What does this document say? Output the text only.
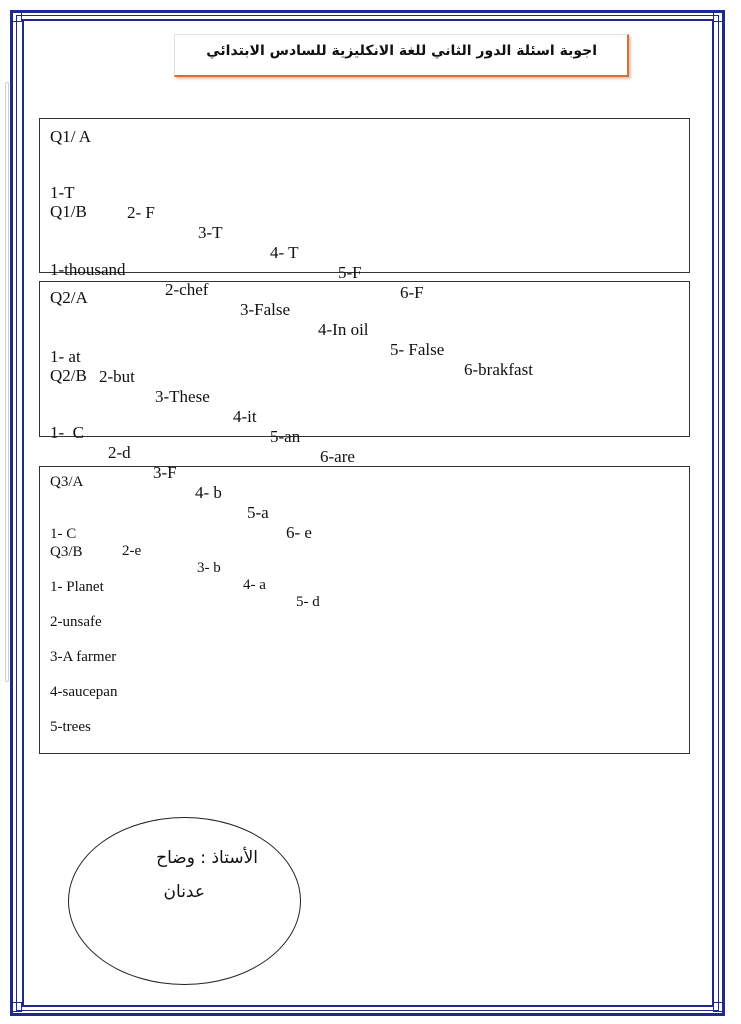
اجوبة اسئلة الدور الثاني للغة الانكليزية للسادس الابتدائي
Q1/ A

1-T

2- F

3-T

4- T

5-F

6-F

Q1/B

1-thousand

2-chef

3-False

4-In oil

5- False

6-brakfast

Q2/A

1- at

2-but

3-These

4-it

5-an

6-are

Q2/B

1-  C

2-d

3-F

4- b

5-a

6- e

Q3/A

1- C

2-e

3- b

4- a

5- d

Q3/B
1- Planet
2-unsafe
3-A farmer
4-saucepan
5-trees
الأستاذ : وضاح
عدنان
